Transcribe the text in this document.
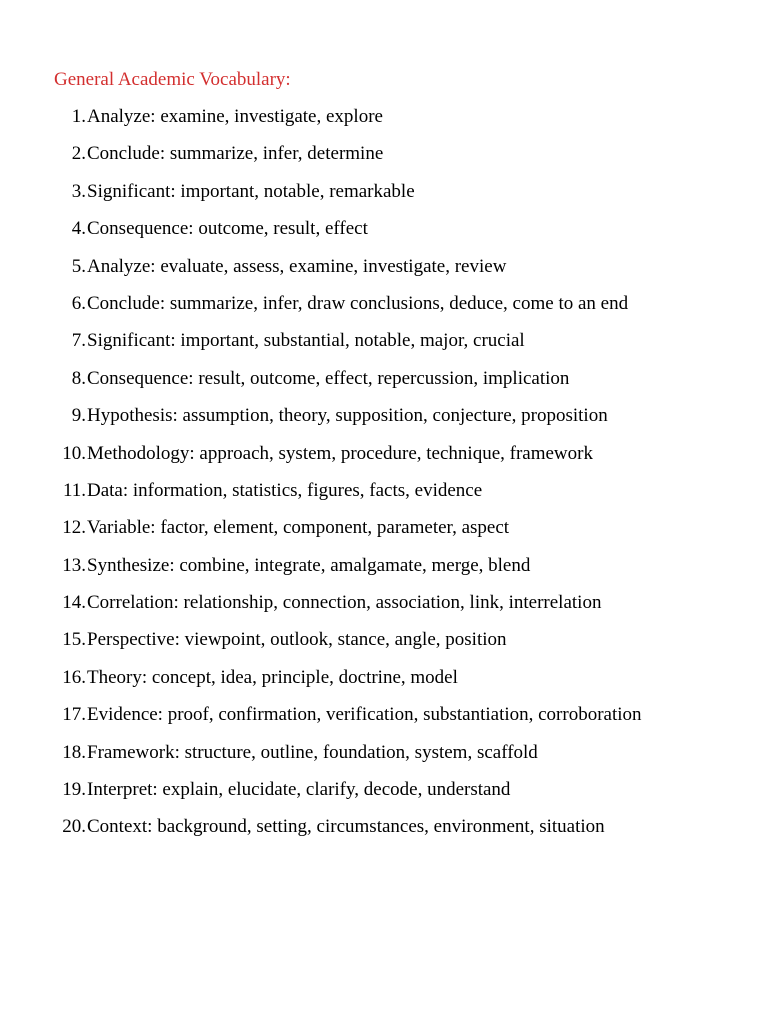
General Academic Vocabulary:
1. Analyze: examine, investigate, explore
2. Conclude: summarize, infer, determine
3. Significant: important, notable, remarkable
4. Consequence: outcome, result, effect
5. Analyze: evaluate, assess, examine, investigate, review
6. Conclude: summarize, infer, draw conclusions, deduce, come to an end
7. Significant: important, substantial, notable, major, crucial
8. Consequence: result, outcome, effect, repercussion, implication
9. Hypothesis: assumption, theory, supposition, conjecture, proposition
10. Methodology: approach, system, procedure, technique, framework
11. Data: information, statistics, figures, facts, evidence
12. Variable: factor, element, component, parameter, aspect
13. Synthesize: combine, integrate, amalgamate, merge, blend
14. Correlation: relationship, connection, association, link, interrelation
15. Perspective: viewpoint, outlook, stance, angle, position
16. Theory: concept, idea, principle, doctrine, model
17. Evidence: proof, confirmation, verification, substantiation, corroboration
18. Framework: structure, outline, foundation, system, scaffold
19. Interpret: explain, elucidate, clarify, decode, understand
20. Context: background, setting, circumstances, environment, situation
